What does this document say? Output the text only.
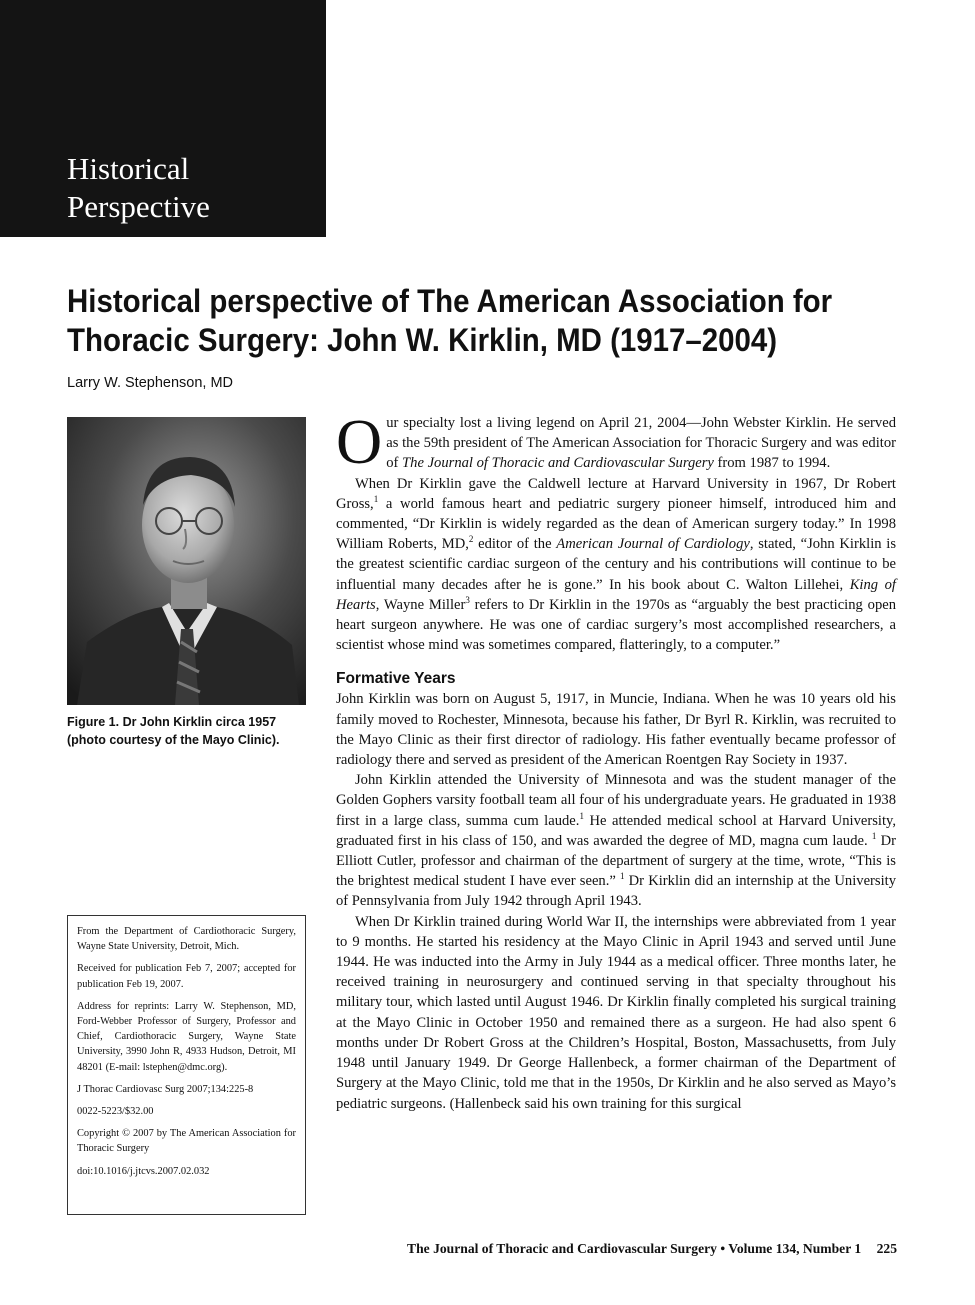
Historical
Perspective
Historical perspective of The American Association for Thoracic Surgery: John W. Kirklin, MD (1917–2004)
Larry W. Stephenson, MD
Figure 1. Dr John Kirklin circa 1957 (photo courtesy of the Mayo Clinic).

From the Department of Cardiothoracic Surgery, Wayne State University, Detroit, Mich.

Received for publication Feb 7, 2007; accepted for publication Feb 19, 2007.

Address for reprints: Larry W. Stephenson, MD, Ford-Webber Professor of Surgery, Professor and Chief, Cardiothoracic Surgery, Wayne State University, 3990 John R, 4933 Hudson, Detroit, MI 48201 (E-mail: lstephen@dmc.org).

J Thorac Cardiovasc Surg 2007;134:225-8

0022-5223/$32.00

Copyright © 2007 by The American Association for Thoracic Surgery

doi:10.1016/j.jtcvs.2007.02.032

Our specialty lost a living legend on April 21, 2004—John Webster Kirklin. He served as the 59th president of The American Association for Thoracic Surgery and was editor of The Journal of Thoracic and Cardiovascular Surgery from 1987 to 1994.

When Dr Kirklin gave the Caldwell lecture at Harvard University in 1967, Dr Robert Gross,$^1$ a world famous heart and pediatric surgery pioneer himself, introduced him and commented, “Dr Kirklin is widely regarded as the dean of American surgery today.” In 1998 William Roberts, MD,$^2$ editor of the American Journal of Cardiology, stated, “John Kirklin is the greatest scientific cardiac surgeon of the century and his contributions will continue to be influential many decades after he is gone.” In his book about C. Walton Lillehei, King of Hearts, Wayne Miller$^3$ refers to Dr Kirklin in the 1970s as “arguably the best practicing open heart surgeon anywhere. He was one of cardiac surgery’s most accomplished researchers, a scientist whose mind was sometimes compared, flatteringly, to a computer.”

Formative Years

John Kirklin was born on August 5, 1917, in Muncie, Indiana. When he was 10 years old his family moved to Rochester, Minnesota, because his father, Dr Byrl R. Kirklin, was recruited to the Mayo Clinic as their first director of radiology. His father eventually became professor of radiology there and served as president of the American Roentgen Ray Society in 1937.

John Kirklin attended the University of Minnesota and was the student manager of the Golden Gophers varsity football team all four of his undergraduate years. He graduated in 1938 first in a large class, summa cum laude.$^1$ He attended medical school at Harvard University, graduated first in his class of 150, and was awarded the degree of MD, magna cum laude. $^1$ Dr Elliott Cutler, professor and chairman of the department of surgery at the time, wrote, “This is the brightest medical student I have ever seen.” $^1$ Dr Kirklin did an internship at the University of Pennsylvania from July 1942 through April 1943.

When Dr Kirklin trained during World War II, the internships were abbreviated from 1 year to 9 months. He started his residency at the Mayo Clinic in April 1943 and served until June 1944. He was inducted into the Army in July 1944 as a medical officer. Three months later, he received training in neurosurgery and continued serving in that specialty throughout his military tour, which lasted until August 1946. Dr Kirklin finally completed his surgical training at the Mayo Clinic in October 1950 and remained there as a surgeon. He had also spent 6 months under Dr Robert Gross at the Children’s Hospital, Boston, Massachusetts, from July 1948 until January 1949. Dr George Hallenbeck, a former chairman of the Department of Surgery at the Mayo Clinic, told me that in the 1950s, Dr Kirklin and he also served as Mayo’s pediatric surgeons. (Hallenbeck said his own training for this surgical

The Journal of Thoracic and Cardiovascular Surgery • Volume 134, Number 1 225
